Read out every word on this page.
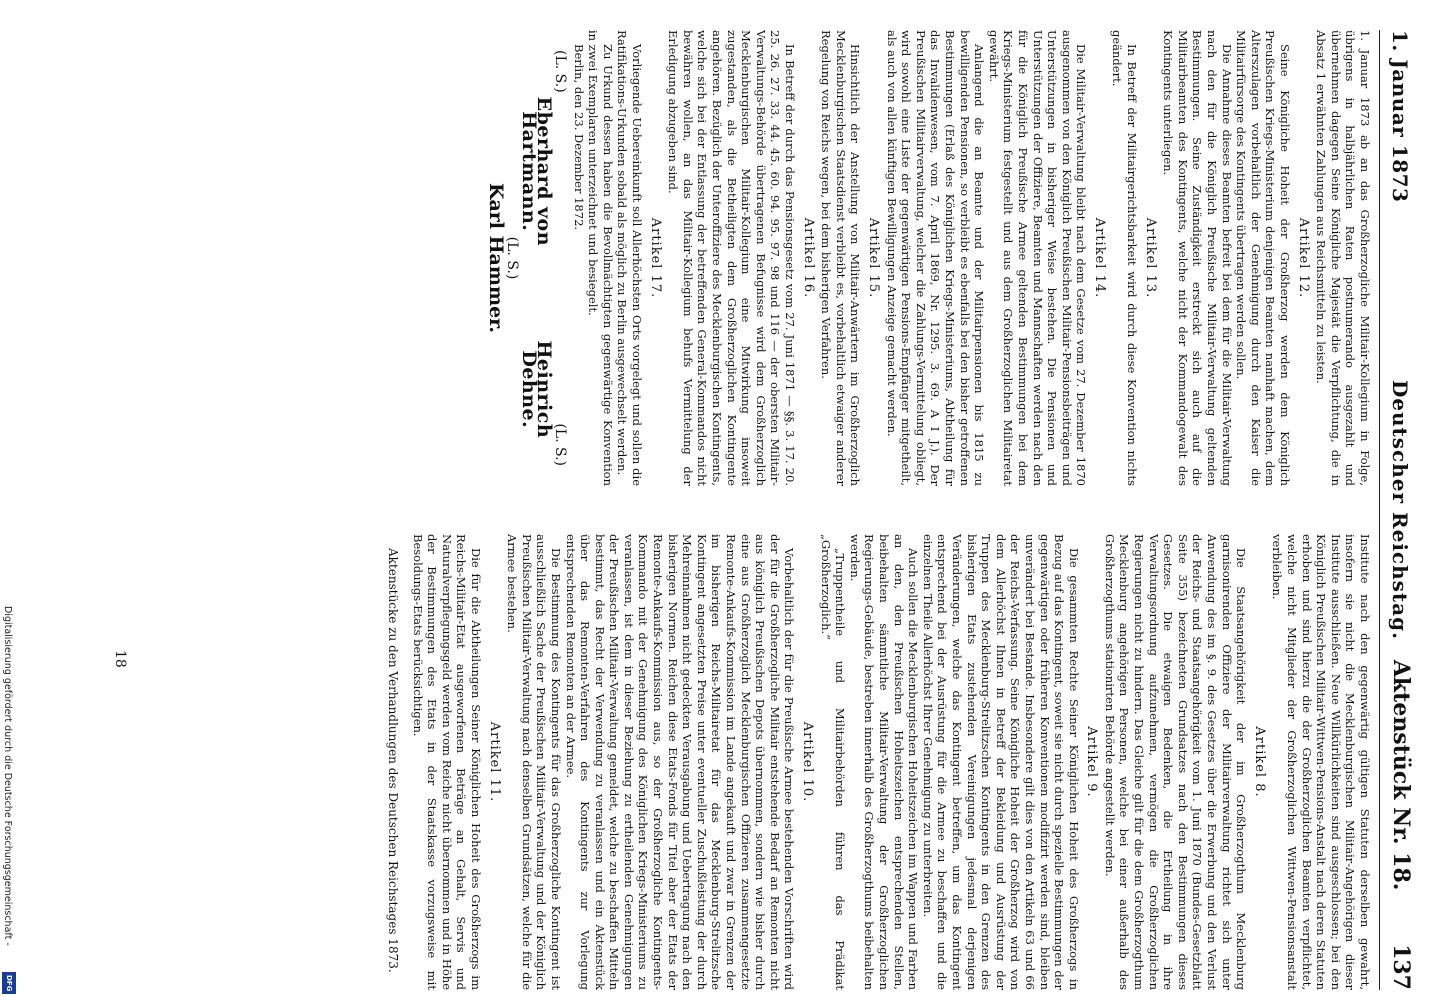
Digitalisierung gefördert durch die Deutsche Forschungsgemeinschaft -
DFG
1. Januar 1873
Deutscher Reichstag.
Aktenstück Nr. 18.       137
1. Januar 1873 ab an das Großherzogliche Militair-Kollegium in Folge, übrigens in halbjährlichen Raten postnumerando ausgezahlt und übernehmen dagegen Seine Königliche Majestät die Verpflichtung, die in Absatz 1 erwähnten Zahlungen aus Reichsmitteln zu leisten.
Artikel 12.
Seine Königliche Hoheit der Großherzog werden dem Königlich Preußischen Kriegs-Ministerium denjenigen Beamten namhaft machen, dem Alterszulagen vorbehaltlich der Genehmigung durch den Kaiser die Militairfürsorge des Kontingents übertragen werden sollen.
Die Annahme dieses Beamten befreit bei dem für die Militair-Verwaltung nach den für die Königlich Preußische Militair-Verwaltung geltenden Bestimmungen. Seine Zuständigkeit erstreckt sich auch auf die Militairbeamten des Kontingents, welche nicht der Kommandogewalt des Kontingents unterliegen.
Artikel 13.
In Betreff der Militairgerichtsbarkeit wird durch diese Konvention nichts geändert.
Artikel 14.
Die Militair-Verwaltung bleibt nach dem Gesetze vom 27. Dezember 1870 ausgenommen von den Königlich Preußischen Militair-Pensionsbeiträgen und Unterstützungen in bisheriger Weise bestehen. Die Pensionen und Unterstützungen der Offiziere, Beamten und Mannschaften werden nach den für die Königlich Preußische Armee geltenden Bestimmungen bei dem Kriegs-Ministerium festgestellt und aus dem Großherzoglichen Militairetat gewährt.
Anlangend die an Beamte und der Militairpensionen bis 1815 zu bewilligenden Pensionen, so verbleibt es ebenfalls bei den bisher getroffenen Bestimmungen (Erlaß des Königlichen Kriegs-Ministeriums, Abtheilung für das Invalidenwesen, vom 7. April 1869, Nr. 1295. 3. 69. A I J.). Der Preußischen Militairverwaltung, welcher die Zahlungs-Vermittelung obliegt, wird sowohl eine Liste der gegenwärtigen Pensions-Empfänger mitgetheilt, als auch von allen künftigen Bewilligungen Anzeige gemacht werden.
Artikel 15.
Hinsichtlich der Anstellung von Militair-Anwärtern im Großherzoglich Mecklenburgischen Staatsdienst verbleibt es, vorbehaltlich etwaiger anderer Regelung von Reichs wegen, bei dem bisherigen Verfahren.
Artikel 16.
In Betreff der durch das Pensionsgesetz vom 27. Juni 1871 — §§. 3. 17. 20. 25. 26. 27. 33. 44. 45. 60. 94. 95. 97. 98 und 116 — der obersten Militair-Verwaltungs-Behörde übertragenen Befugnisse wird dem Großherzoglich Mecklenburgischen Militair-Kollegium eine Mitwirkung insoweit zugestanden, als die Betheiligten dem Großherzoglichen Kontingente angehören. Bezüglich der Unteroffiziere des Mecklenburgischen Kontingents, welche sich bei der Entlassung der betreffenden General-Kommandos nicht bewähren wollen, an das Militair-Kollegium behufs Vermittelung der Erledigung abzugeben sind.
Artikel 17.
Vorliegende Uebereinkunft soll Allerhöchsten Orts vorgelegt und sollen die Ratifikations-Urkunden sobald als möglich zu Berlin ausgewechselt werden.
Zu Urkund dessen haben die Bevollmächtigten gegenwärtige Konvention in zwei Exemplaren unterzeichnet und besiegelt.
Berlin, den 23. Dezember 1872.
(L. S.)
(L. S.)
Eberhard von Hartmann.
Heinrich Dehne.
(L. S.)
Karl Hammer.
Institute nach den gegenwärtig gültigen Statuten derselben gewahrt, insofern sie nicht die Mecklenburgischen Militair-Angehörigen dieser Institute ausschließen. Neue Willkürlichkeiten sind ausgeschlossen; bei den Königlich Preußischen Militair-Wittwen-Pensions-Anstalt nach deren Statuten erhoben und sind hierzu die der Großherzoglichen Beamten verpflichtet, welche nicht Mitglieder der Großherzoglichen Wittwen-Pensionsanstalt verbleiben.
Artikel 8.
Die Staatsangehörigkeit der im Großherzogthum Mecklenburg garnisonirenden Offiziere der Militairverwaltung richtet sich unter Anwendung des im §. 9. des Gesetzes über die Erwerbung und den Verlust der Reichs- und Staatsangehörigkeit vom 1. Juni 1870 (Bundes-Gesetzblatt Seite 355) bezeichneten Grundsatzes nach den Bestimmungen dieses Gesetzes. Die etwaigen Bedenken, die Ertheilung in ihre Verwaltungsordnung aufzunehmen, vermögen die Großherzoglichen Regierungen nicht zu hindern. Das Gleiche gilt für die dem Großherzogthum Mecklenburg angehörigen Personen, welche bei einer außerhalb des Großherzogthums stationirten Behörde angestellt werden.
Artikel 9.
Die gesammten Rechte Seiner Königlichen Hoheit des Großherzogs in Bezug auf das Kontingent, soweit sie nicht durch spezielle Bestimmungen der gegenwärtigen oder früheren Konventionen modifizirt werden sind, bleiben unverändert bei Bestande. Insbesondere gilt dies von den Artikeln 63 und 66 der Reichs-Verfassung. Seine Königliche Hoheit der Großherzog wird von dem Allerhöchst Ihnen in Betreff der Bekleidung und Ausrüstung der Truppen des Mecklenburg-Strelitzschen Kontingents in den Grenzen des bisherigen Etats zustehenden Vereinigungen jedesmal derjenigen Veränderungen, welche das Kontingent betreffen, um das Kontingent entsprechend bei der Ausrüstung für die Armee zu beschaffen und die einzelnen Theile Allerhöchst Ihrer Genehmigung zu unterbreiten.
Auch sollen die Mecklenburgischen Hoheitszeichen im Wappen und Farben an den, den Preußischen Hoheitszeichen entsprechenden Stellen, beibehalten sämmtliche Militair-Verwaltung der Großherzoglichen Regierungs-Gebäude, bestreben innerhalb des Großherzogthums beibehalten werden.
„Truppentheile und Militairbehörden führen das Prädikat „Großherzoglich.“
Artikel 10.
Vorbehaltlich der für die Preußische Armee bestehenden Vorschriften wird der für die Großherzogliche Militair entstehende Bedarf an Remonten nicht aus königlich Preußischen Depots übernommen, sondern wie bisher durch eine aus Großherzoglich Mecklenburgischen Offizieren zusammengesetzte Remonte-Ankaufs-Kommission im Lande angekauft und zwar in Grenzen der im bisherigen Reichs-Militairetat für das Mecklenburg-Strelitzsche Kontingent angesetzten Preise unter eventueller Zuschußleistung der durch Mehreinnahmen nicht gedeckten Verausgabung und Uebertragung nach den bisherigen Normen. Reichen diese Etats-Fonds für Titel aber der Etats der Remonte-Ankaufs-Kommission aus, so der Großherzogliche Kontingents-Kommando mit der Genehmigung des Königlichen Kriegs-Ministeriums zu veranlassen, ist dem in dieser Beziehung zu ertheilenden Genehmigungen der Preußischen Militair-Verwaltung gemeldet, welche zu beschaffen Mitteln bestimmt, das Recht der Verwendung zu veranlassen und ein Aktenstück über das Remonten-Verfahren des Kontingents zur Vorlegung entsprechenden Remonten an der Armee.
Die Bestimmung des Kontingents für das Großherzogliche Kontingent ist ausschließlich Sache der Preußischen Militair-Verwaltung und der Königlich Preußischen Militair-Verwaltung nach denselben Grundsätzen, welche für die Armee bestehen.
Artikel 11.
Die für die Abtheilungen Seiner Königlichen Hoheit des Großherzogs im Reichs-Militair-Etat ausgeworfenen Beträge an Gehalt, Servis und Naturalverpflegungsgeld werden vom Reiche nicht übernommen und in Höhe der Bestimmungen des Etats in der Staatskasse vorzugsweise mit Besoldungs-Etats berücksichtigen.
Aktenstücke zu den Verhandlungen des Deutschen Reichstages 1873.
18
